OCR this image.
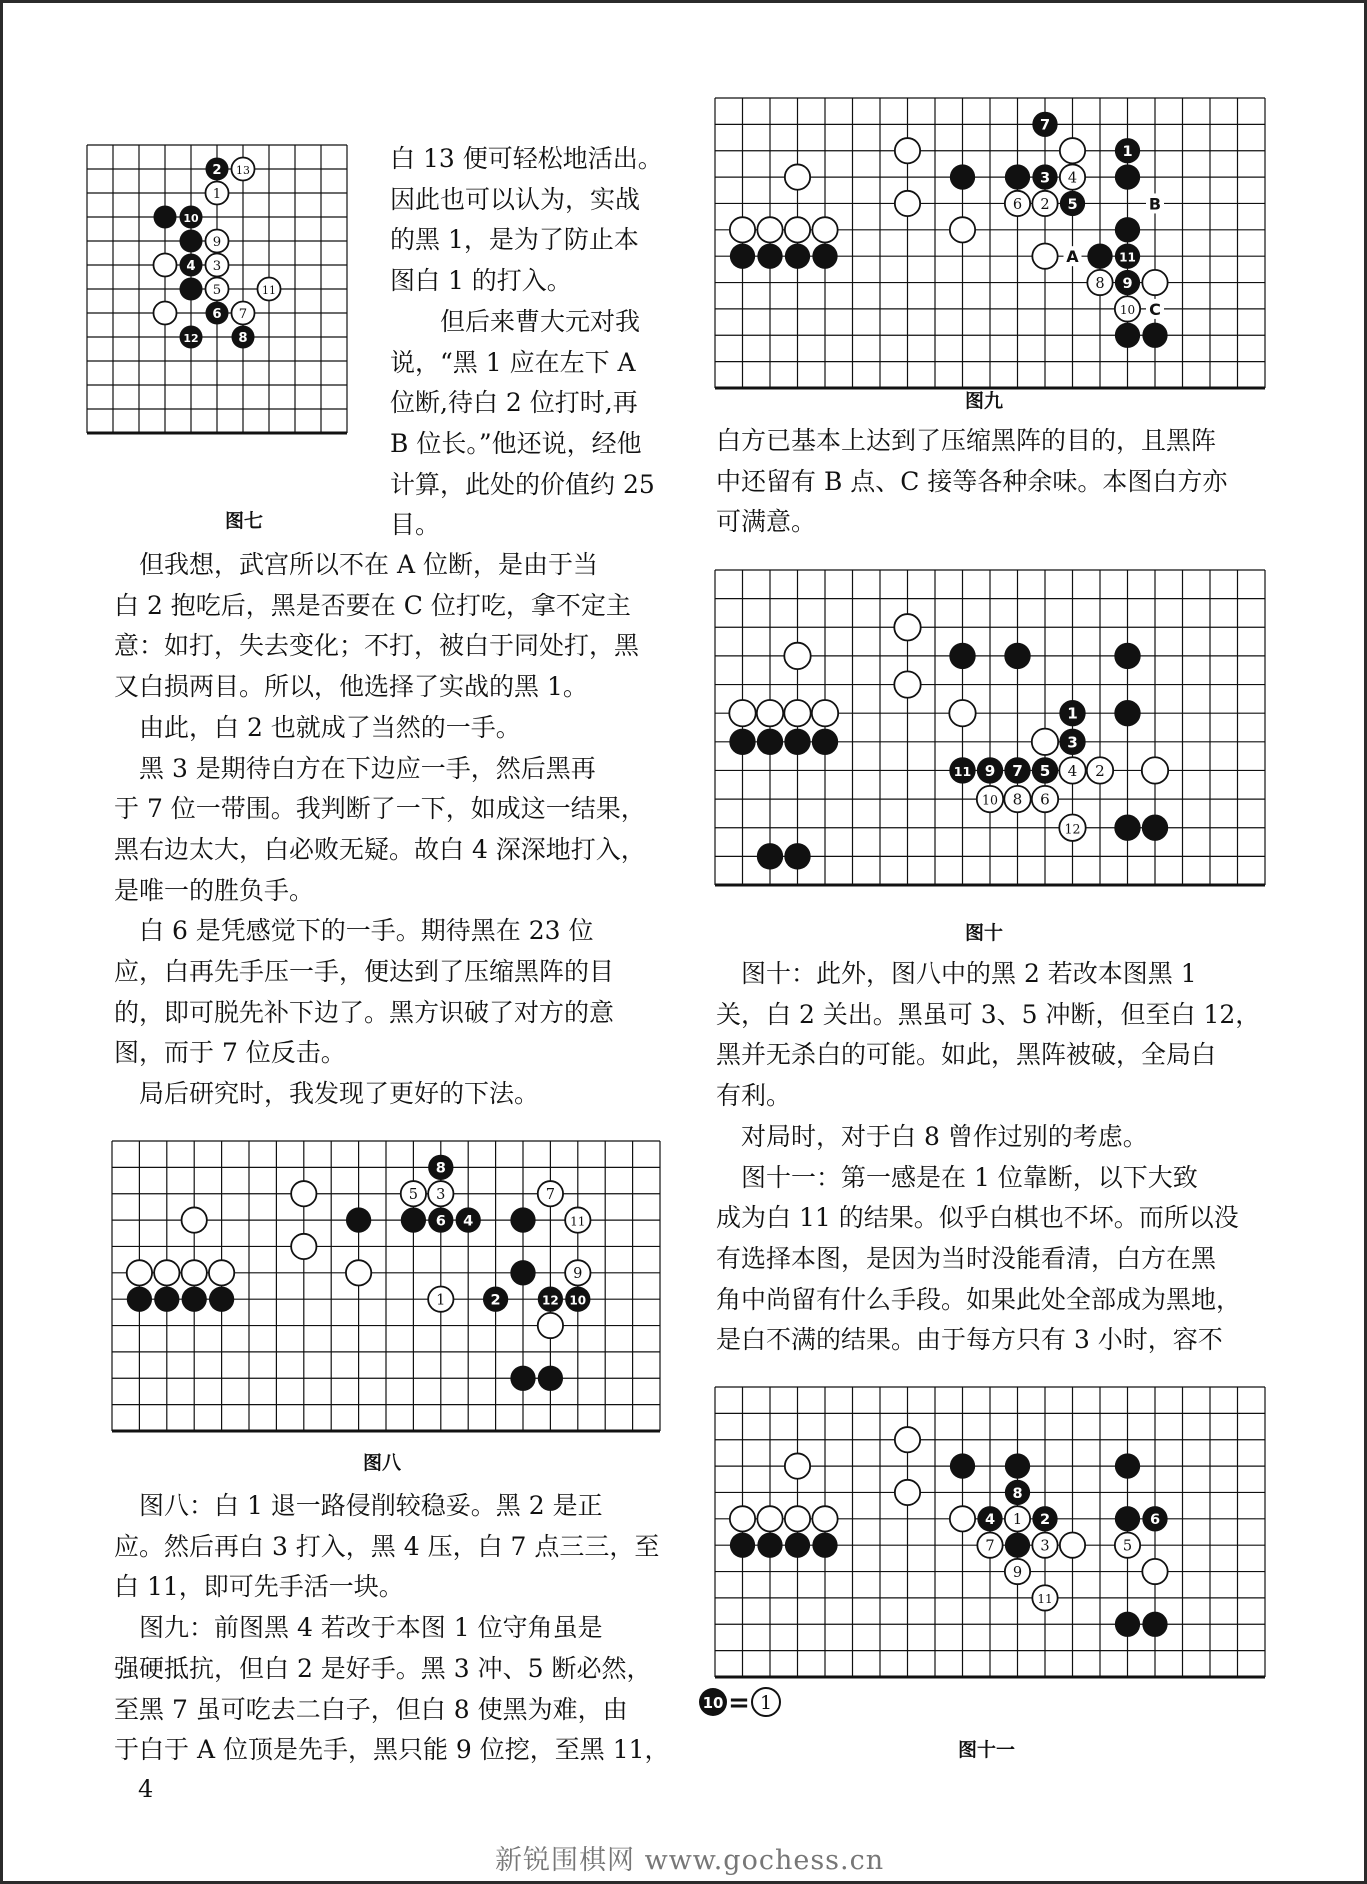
2 13
1
10
9
4 3
5	11
6 7
12	8
图七

白 13 便可轻松地活出。

因此也可以认为，实战

的黑 1，是为了防止本

图白 1 的打入。

　　但后来曹大元对我

说，“黑 1 应在左下 A

位断,待白 2 位打时,再

B 位长。”他还说，经他

计算，此处的价值约 25

目。

　但我想，武宫所以不在 A 位断，是由于当

白 2 抱吃后，黑是否要在 C 位打吃，拿不定主

意：如打，失去变化；不打，被白于同处打，黑

又白损两目。所以，他选择了实战的黑 1。

　由此，白 2 也就成了当然的一手。

　黑 3 是期待白方在下边应一手，然后黑再

于 7 位一带围。我判断了一下，如成这一结果，

黑右边太大，白必败无疑。故白 4 深深地打入，

是唯一的胜负手。

　白 6 是凭感觉下的一手。期待黑在 23 位

应，白再先手压一手，便达到了压缩黑阵的目

的，即可脱先补下边了。黑方识破了对方的意

图，而于 7 位反击。

　局后研究时，我发现了更好的下法。

8
5 3	7
6 4	11
9
1	2	12 10
图八

　图八：白 1 退一路侵削较稳妥。黑 2 是正

应。然后再白 3 打入，黑 4 压，白 7 点三三，至

白 11，即可先手活一块。

　图九：前图黑 4 若改于本图 1 位守角虽是

强硬抵抗，但白 2 是好手。黑 3 冲、5 断必然，

至黑 7 虽可吃去二白子，但白 8 使黑为难，由

于白于 A 位顶是先手，黑只能 9 位挖，至黑 11，

7
1
3 4
6 2 5
11
8 9
10
A
B
C
图九

白方已基本上达到了压缩黑阵的目的，且黑阵

中还留有 B 点、C 接等各种余味。本图白方亦

可满意。

1
3
11 9 7 5 4 2
10 8 6
12
图十

　图十：此外，图八中的黑 2 若改本图黑 1

关，白 2 关出。黑虽可 3、5 冲断，但至白 12，

黑并无杀白的可能。如此，黑阵被破，全局白

有利。

　对局时，对于白 8 曾作过别的考虑。

　图十一：第一感是在 1 位靠断，以下大致

成为白 11 的结果。似乎白棋也不坏。而所以没

有选择本图，是因为当时没能看清，白方在黑

角中尚留有什么手段。如果此处全部成为黑地，

是白不满的结果。由于每方只有 3 小时，容不

8
4 1 2	6
7	3	5
9
11
10 = 1
图十一
4
新锐围棋网 www.gochess.cn
